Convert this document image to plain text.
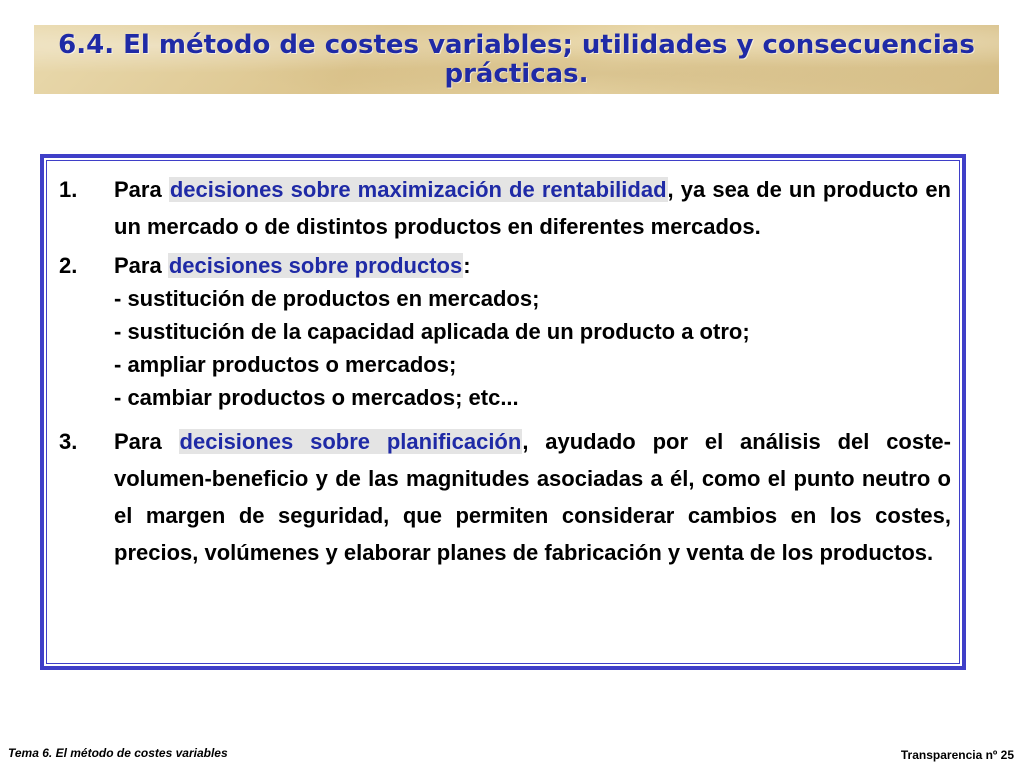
6.4. El método de costes variables; utilidades y consecuencias
prácticas.
1. Para decisiones sobre maximización de rentabilidad, ya sea de un producto en un mercado o de distintos productos en diferentes mercados.
2. Para decisiones sobre productos:
- sustitución de productos en mercados;
- sustitución de la capacidad aplicada de un producto a otro;
- ampliar productos o mercados;
- cambiar productos o mercados; etc...
3. Para decisiones sobre planificación, ayudado por el análisis del coste-volumen-beneficio y de las magnitudes asociadas a él, como el punto neutro o el margen de seguridad, que permiten considerar cambios en los costes, precios, volúmenes y elaborar planes de fabricación y venta de los productos.
Tema 6. El método de costes variables	Transparencia nº 25
